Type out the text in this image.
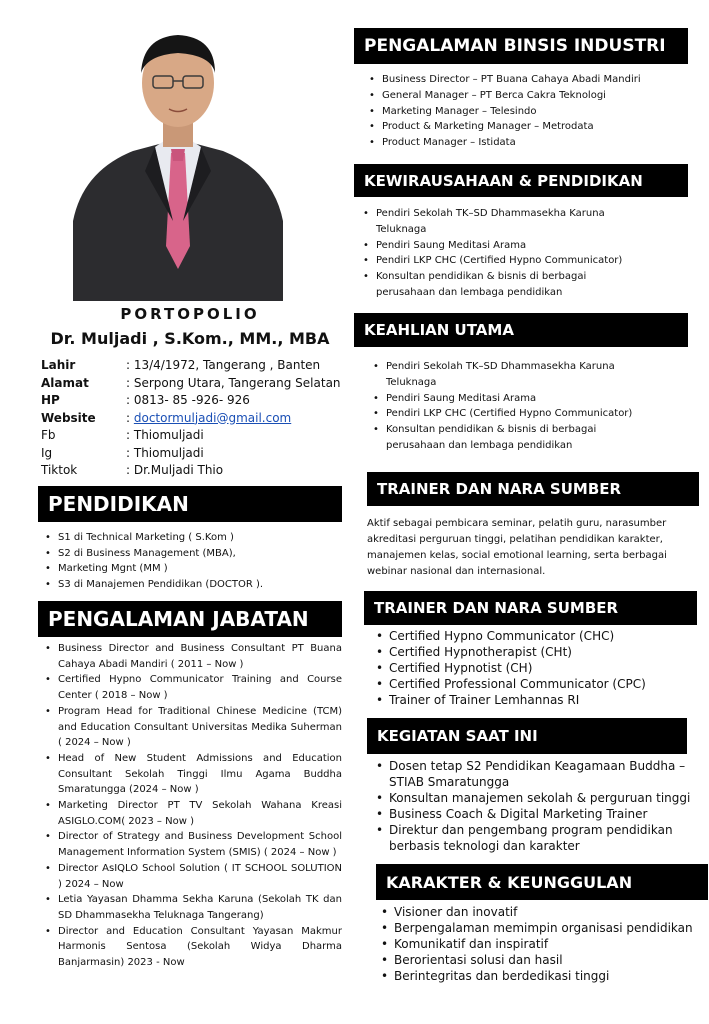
PORTOPOLIO
Dr. Muljadi , S.Kom., MM., MBA
Lahir	: 13/4/1972, Tangerang , Banten
Alamat	: Serpong Utara, Tangerang Selatan
HP	: 0813- 85 -926- 926
Website	: doctormuljadi@gmail.com
Fb	: Thiomuljadi
Ig	: Thiomuljadi
Tiktok	: Dr.Muljadi Thio
PENDIDIKAN
• S1 di Technical Marketing ( S.Kom )
• S2 di Business Management (MBA),
• Marketing Mgnt (MM )
• S3 di Manajemen Pendidikan (DOCTOR ).
PENGALAMAN JABATAN
• Business Director and Business Consultant PT Buana Cahaya Abadi Mandiri ( 2011 – Now )
• Certified Hypno Communicator Training and Course Center ( 2018 – Now )
• Program Head for Traditional Chinese Medicine (TCM) and Education Consultant Universitas Medika Suherman ( 2024 – Now )
• Head of New Student Admissions and Education Consultant Sekolah Tinggi Ilmu Agama Buddha Smaratungga (2024 – Now )
• Marketing Director PT TV Sekolah Wahana Kreasi ASIGLO.COM( 2023 – Now )
• Director of Strategy and Business Development School Management Information System (SMIS) ( 2024 – Now )
• Director AsIQLO School Solution ( IT SCHOOL SOLUTION ) 2024 – Now
• Letia Yayasan Dhamma Sekha Karuna (Sekolah TK dan SD Dhammasekha Teluknaga Tangerang)
• Director and Education Consultant Yayasan Makmur Harmonis Sentosa (Sekolah Widya Dharma Banjarmasin) 2023 - Now
PENGALAMAN BINSIS INDUSTRI
• Business Director – PT Buana Cahaya Abadi Mandiri
• General Manager – PT Berca Cakra Teknologi
• Marketing Manager – Telesindo
• Product & Marketing Manager – Metrodata
• Product Manager – Istidata
KEWIRAUSAHAAN & PENDIDIKAN
• Pendiri Sekolah TK–SD Dhammasekha Karuna Teluknaga
• Pendiri Saung Meditasi Arama
• Pendiri LKP CHC (Certified Hypno Communicator)
• Konsultan pendidikan & bisnis di berbagai perusahaan dan lembaga pendidikan
KEAHLIAN UTAMA
• Pendiri Sekolah TK–SD Dhammasekha Karuna Teluknaga
• Pendiri Saung Meditasi Arama
• Pendiri LKP CHC (Certified Hypno Communicator)
• Konsultan pendidikan & bisnis di berbagai perusahaan dan lembaga pendidikan
TRAINER DAN NARA SUMBER
Aktif sebagai pembicara seminar, pelatih guru, narasumber akreditasi perguruan tinggi, pelatihan pendidikan karakter, manajemen kelas, social emotional learning, serta berbagai webinar nasional dan internasional.
TRAINER DAN NARA SUMBER
• Certified Hypno Communicator (CHC)
• Certified Hypnotherapist (CHt)
• Certified Hypnotist (CH)
• Certified Professional Communicator (CPC)
• Trainer of Trainer Lemhannas RI
KEGIATAN SAAT INI
• Dosen tetap S2 Pendidikan Keagamaan Buddha – STIAB Smaratungga
• Konsultan manajemen sekolah & perguruan tinggi
• Business Coach & Digital Marketing Trainer
• Direktur dan pengembang program pendidikan berbasis teknologi dan karakter
KARAKTER & KEUNGGULAN
• Visioner dan inovatif
• Berpengalaman memimpin organisasi pendidikan
• Komunikatif dan inspiratif
• Berorientasi solusi dan hasil
• Berintegritas dan berdedikasi tinggi
